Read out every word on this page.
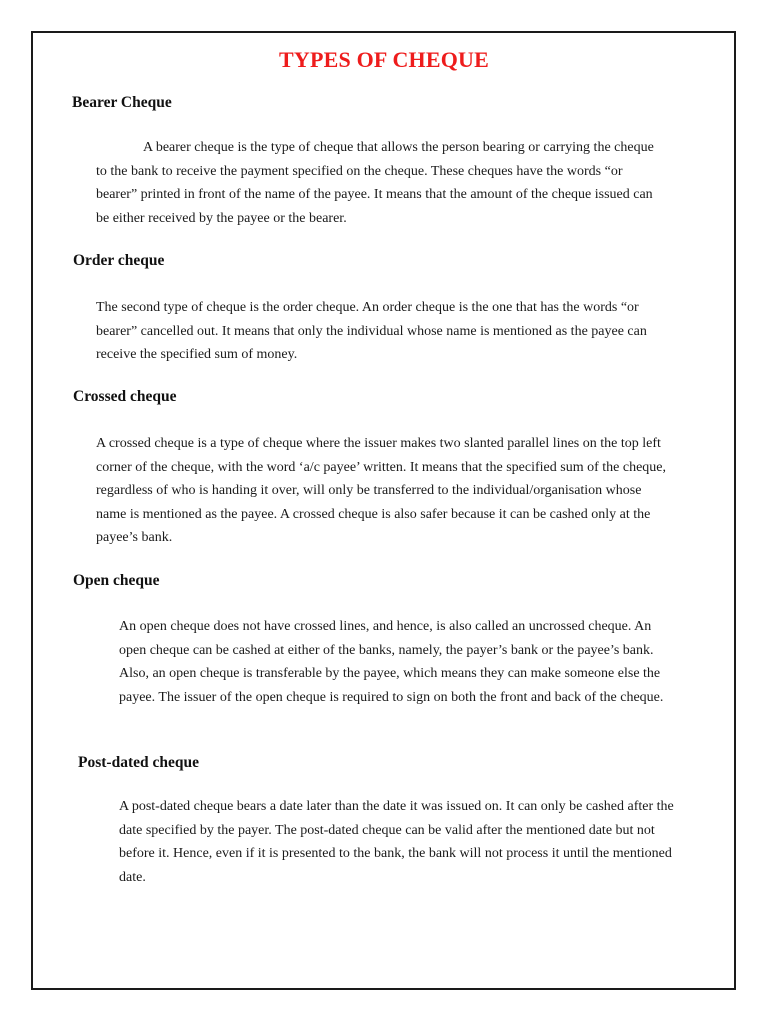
TYPES OF CHEQUE
Bearer Cheque

A bearer cheque is the type of cheque that allows the person bearing or carrying the cheque to the bank to receive the payment specified on the cheque. These cheques have the words “or bearer” printed in front of the name of the payee. It means that the amount of the cheque issued can be either received by the payee or the bearer.

Order cheque

The second type of cheque is the order cheque. An order cheque is the one that has the words “or bearer” cancelled out. It means that only the individual whose name is mentioned as the payee can receive the specified sum of money.

Crossed cheque

A crossed cheque is a type of cheque where the issuer makes two slanted parallel lines on the top left corner of the cheque, with the word ‘a/c payee’ written. It means that the specified sum of the cheque, regardless of who is handing it over, will only be transferred to the individual/organisation whose name is mentioned as the payee. A crossed cheque is also safer because it can be cashed only at the payee’s bank.

Open cheque

An open cheque does not have crossed lines, and hence, is also called an uncrossed cheque. An open cheque can be cashed at either of the banks, namely, the payer’s bank or the payee’s bank. Also, an open cheque is transferable by the payee, which means they can make someone else the payee. The issuer of the open cheque is required to sign on both the front and back of the cheque.

Post-dated cheque

A post-dated cheque bears a date later than the date it was issued on. It can only be cashed after the date specified by the payer. The post-dated cheque can be valid after the mentioned date but not before it. Hence, even if it is presented to the bank, the bank will not process it until the mentioned date.
